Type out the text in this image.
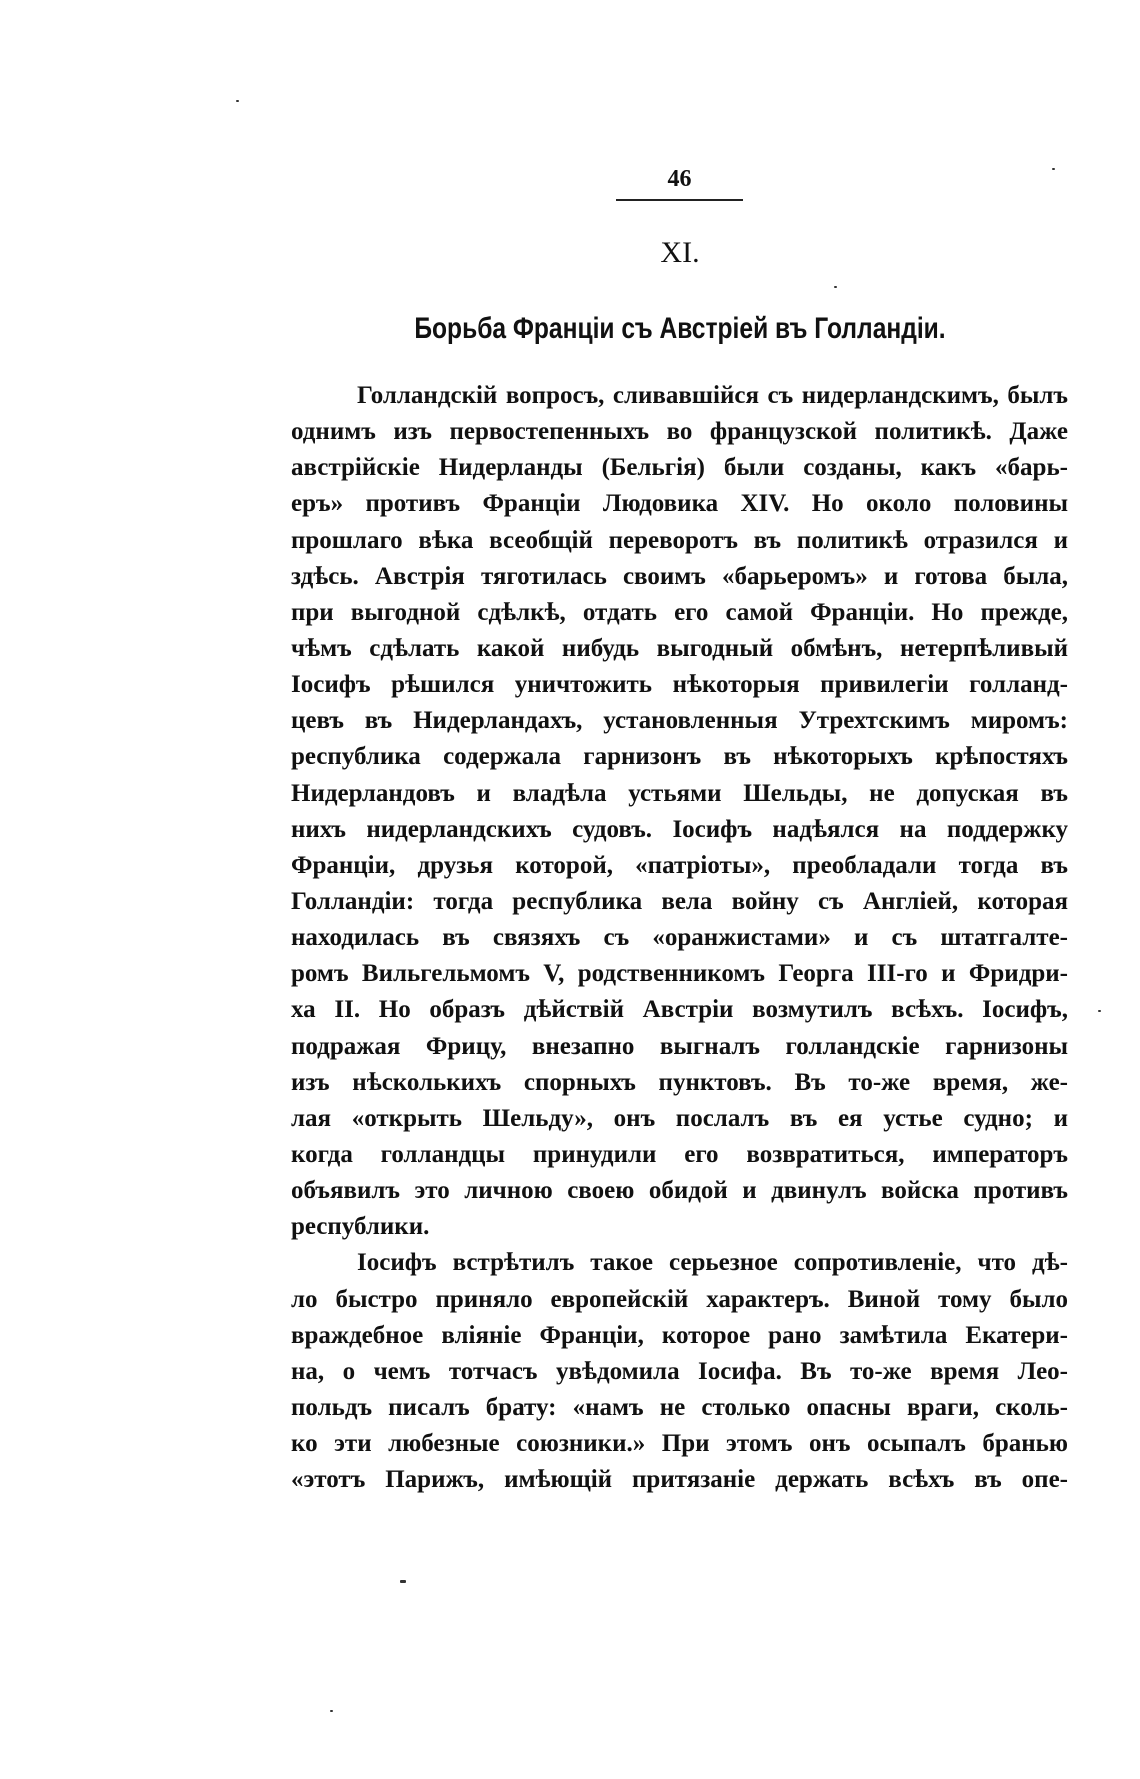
46
XI.
Борьба Франціи съ Австріей въ Голландіи.
Голландскій вопросъ, сливавшійся съ нидерландскимъ, былъ
однимъ изъ первостепенныхъ во французской политикѣ. Даже
австрійскіе Нидерланды (Бельгія) были созданы, какъ «барь-
еръ» противъ Франціи Людовика XIV. Но около половины
прошлаго вѣка всеобщій переворотъ въ политикѣ отразился и
здѣсь. Австрія тяготилась своимъ «барьеромъ» и готова была,
при выгодной сдѣлкѣ, отдать его самой Франціи. Но прежде,
чѣмъ сдѣлать какой нибудь выгодный обмѣнъ, нетерпѣливый
Іосифъ рѣшился уничтожить нѣкоторыя привилегіи голланд-
цевъ въ Нидерландахъ, установленныя Утрехтскимъ миромъ:
республика содержала гарнизонъ въ нѣкоторыхъ крѣпостяхъ
Нидерландовъ и владѣла устьями Шельды, не допуская въ
нихъ нидерландскихъ судовъ. Іосифъ надѣялся на поддержку
Франціи, друзья которой, «патріоты», преобладали тогда въ
Голландіи: тогда республика вела войну съ Англіей, которая
находилась въ связяхъ съ «оранжистами» и съ штатгалте-
ромъ Вильгельмомъ V, родственникомъ Георга III-го и Фридри-
ха II. Но образъ дѣйствій Австріи возмутилъ всѣхъ. Іосифъ,
подражая Фрицу, внезапно выгналъ голландскіе гарнизоны
изъ нѣсколькихъ спорныхъ пунктовъ. Въ то-же время, же-
лая «открыть Шельду», онъ послалъ въ ея устье судно; и
когда голландцы принудили его возвратиться, императоръ
объявилъ это личною своею обидой и двинулъ войска противъ
республики.
Іосифъ встрѣтилъ такое серьезное сопротивленіе, что дѣ-
ло быстро приняло европейскій характеръ. Виной тому было
враждебное вліяніе Франціи, которое рано замѣтила Екатери-
на, о чемъ тотчасъ увѣдомила Іосифа. Въ то-же время Лео-
польдъ писалъ брату: «намъ не столько опасны враги, сколь-
ко эти любезные союзники.» При этомъ онъ осыпалъ бранью
«этотъ Парижъ, имѣющій притязаніе держать всѣхъ въ опе-
